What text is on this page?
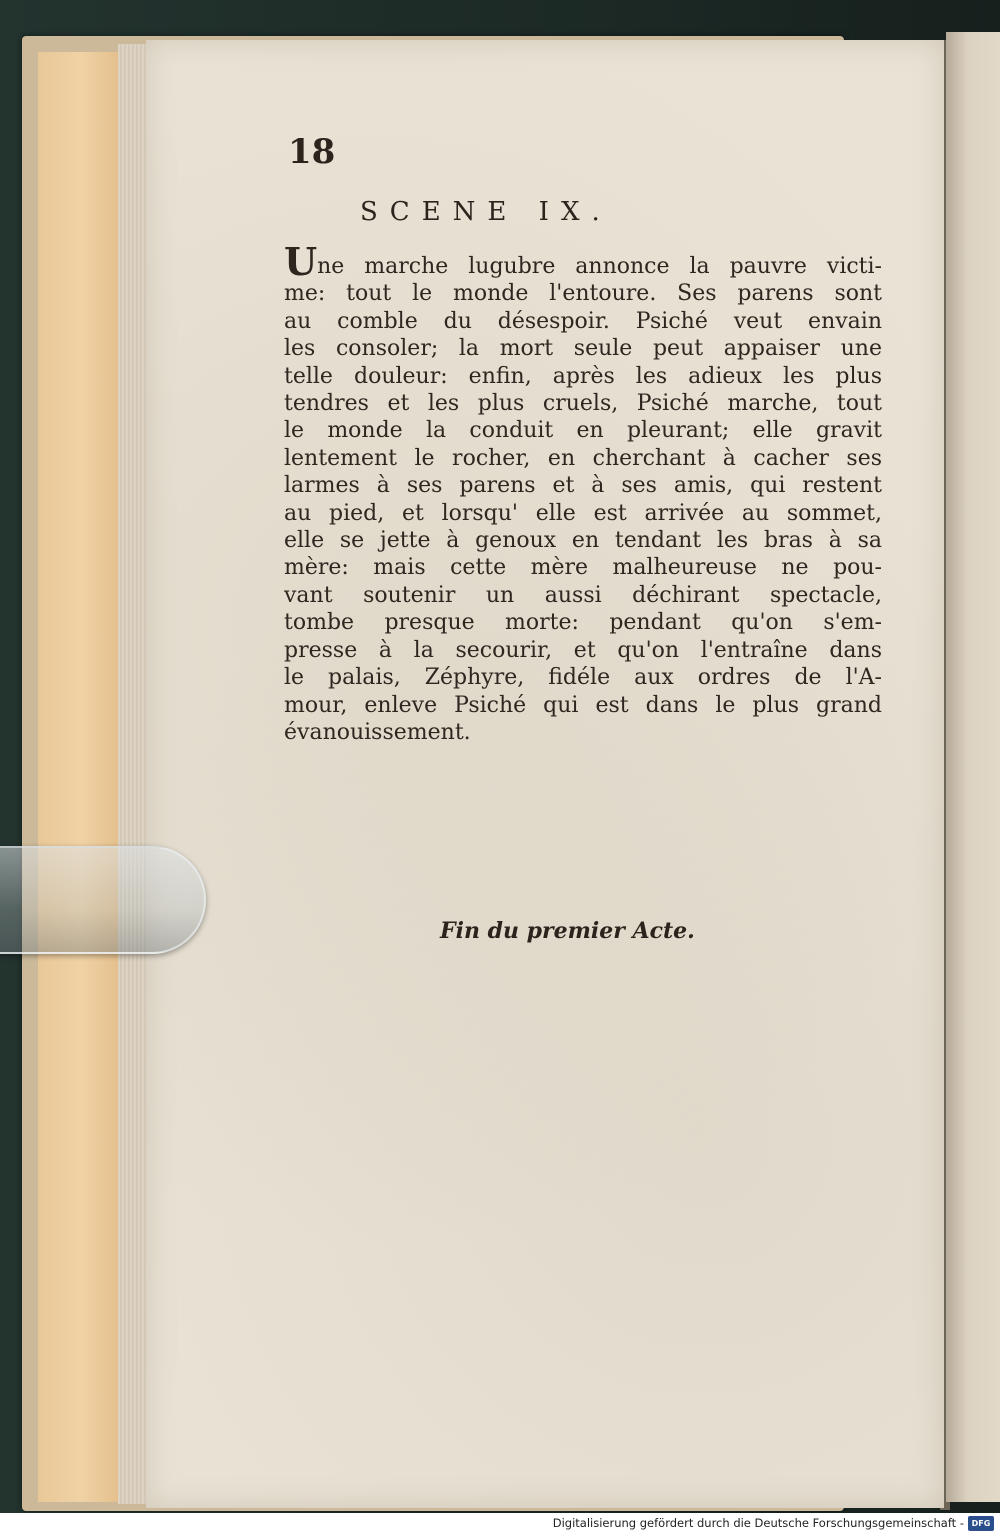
18

SCENE IX.
Une marche lugubre annonce la pauvre victi-
me: tout le monde l'entoure. Ses parens sont
au comble du désespoir. Psiché veut envain
les consoler; la mort seule peut appaiser une
telle douleur: enfin, après les adieux les plus
tendres et les plus cruels, Psiché marche, tout
le monde la conduit en pleurant; elle gravit
lentement le rocher, en cherchant à cacher ses
larmes à ses parens et à ses amis, qui restent
au pied, et lorsqu' elle est arrivée au sommet,
elle se jette à genoux en tendant les bras à sa
mère: mais cette mère malheureuse ne pou-
vant soutenir un aussi déchirant spectacle,
tombe presque morte: pendant qu'on s'em-
presse à la secourir, et qu'on l'entraîne dans
le palais, Zéphyre, fidéle aux ordres de l'A-
mour, enleve Psiché qui est dans le plus grand
évanouissement.

Fin du premier Acte.

Digitalisierung gefördert durch die Deutsche Forschungsgemeinschaft - DFG
